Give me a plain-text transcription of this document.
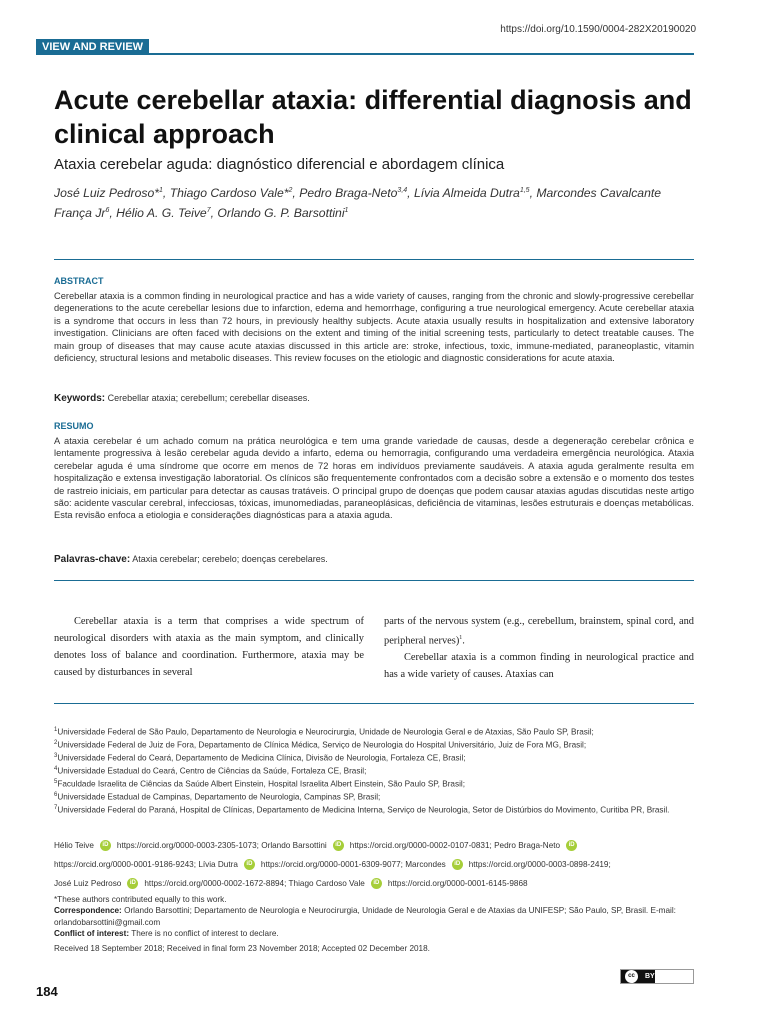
https://doi.org/10.1590/0004-282X20190020
VIEW AND REVIEW
Acute cerebellar ataxia: differential diagnosis and clinical approach
Ataxia cerebelar aguda: diagnóstico diferencial e abordagem clínica
José Luiz Pedroso*$^1$, Thiago Cardoso Vale*$^2$, Pedro Braga-Neto$^{3,4}$, Lívia Almeida Dutra$^{1,5}$, Marcondes Cavalcante França Jr$^6$, Hélio A. G. Teive$^7$, Orlando G. P. Barsottini$^1$
ABSTRACT
Cerebellar ataxia is a common finding in neurological practice and has a wide variety of causes, ranging from the chronic and slowly-progressive cerebellar degenerations to the acute cerebellar lesions due to infarction, edema and hemorrhage, configuring a true neurological emergency. Acute cerebellar ataxia is a syndrome that occurs in less than 72 hours, in previously healthy subjects. Acute ataxia usually results in hospitalization and extensive laboratory investigation. Clinicians are often faced with decisions on the extent and timing of the initial screening tests, particularly to detect treatable causes. The main group of diseases that may cause acute ataxias discussed in this article are: stroke, infectious, toxic, immune-mediated, paraneoplastic, vitamin deficiency, structural lesions and metabolic diseases. This review focuses on the etiologic and diagnostic considerations for acute ataxia.
Keywords: Cerebellar ataxia; cerebellum; cerebellar diseases.
RESUMO
A ataxia cerebelar é um achado comum na prática neurológica e tem uma grande variedade de causas, desde a degeneração cerebelar crônica e lentamente progressiva à lesão cerebelar aguda devido a infarto, edema ou hemorragia, configurando uma verdadeira emergência neurológica. Ataxia cerebelar aguda é uma síndrome que ocorre em menos de 72 horas em indivíduos previamente saudáveis. A ataxia aguda geralmente resulta em hospitalização e extensa investigação laboratorial. Os clínicos são frequentemente confrontados com a decisão sobre a extensão e o momento dos testes de rastreio iniciais, em particular para detectar as causas tratáveis. O principal grupo de doenças que podem causar ataxias agudas discutidas neste artigo são: acidente vascular cerebral, infecciosas, tóxicas, imunomediadas, paraneoplásicas, deficiência de vitaminas, lesões estruturais e doenças metabólicas. Esta revisão enfoca a etiologia e considerações diagnósticas para a ataxia aguda.
Palavras-chave: Ataxia cerebelar; cerebelo; doenças cerebelares.

Cerebellar ataxia is a term that comprises a wide spectrum of neurological disorders with ataxia as the main symptom, and clinically denotes loss of balance and coordination. Furthermore, ataxia may be caused by disturbances in several

parts of the nervous system (e.g., cerebellum, brainstem, spinal cord, and peripheral nerves)$^1$.

Cerebellar ataxia is a common finding in neurological practice and has a wide variety of causes. Ataxias can

$^1$Universidade Federal de São Paulo, Departamento de Neurologia e Neurocirurgia, Unidade de Neurologia Geral e de Ataxias, São Paulo SP, Brasil;
$^2$Universidade Federal de Juiz de Fora, Departamento de Clínica Médica, Serviço de Neurologia do Hospital Universitário, Juiz de Fora MG, Brasil;
$^3$Universidade Federal do Ceará, Departamento de Medicina Clínica, Divisão de Neurologia, Fortaleza CE, Brasil;
$^4$Universidade Estadual do Ceará, Centro de Ciências da Saúde, Fortaleza CE, Brasil;
$^5$Faculdade Israelita de Ciências da Saúde Albert Einstein, Hospital Israelita Albert Einstein, São Paulo SP, Brasil;
$^6$Universidade Estadual de Campinas, Departamento de Neurologia, Campinas SP, Brasil;
$^7$Universidade Federal do Paraná, Hospital de Clínicas, Departamento de Medicina Interna, Serviço de Neurologia, Setor de Distúrbios do Movimento, Curitiba PR, Brasil.
Hélio Teive iD https://orcid.org/0000-0003-2305-1073; Orlando Barsottini iD https://orcid.org/0000-0002-0107-0831; Pedro Braga-Neto iD
https://orcid.org/0000-0001-9186-9243; Lívia Dutra iD https://orcid.org/0000-0001-6309-9077; Marcondes iD https://orcid.org/0000-0003-0898-2419;
José Luiz Pedroso iD https://orcid.org/0000-0002-1672-8894; Thiago Cardoso Vale iD https://orcid.org/0000-0001-6145-9868
*These authors contributed equally to this work.
Correspondence: Orlando Barsottini; Departamento de Neurologia e Neurocirurgia, Unidade de Neurologia Geral e de Ataxias da UNIFESP; São Paulo, SP, Brasil. E-mail: orlandobarsottini@gmail.com
Conflict of interest: There is no conflict of interest to declare.
Received 18 September 2018; Received in final form 23 November 2018; Accepted 02 December 2018.
184
cc	BY
